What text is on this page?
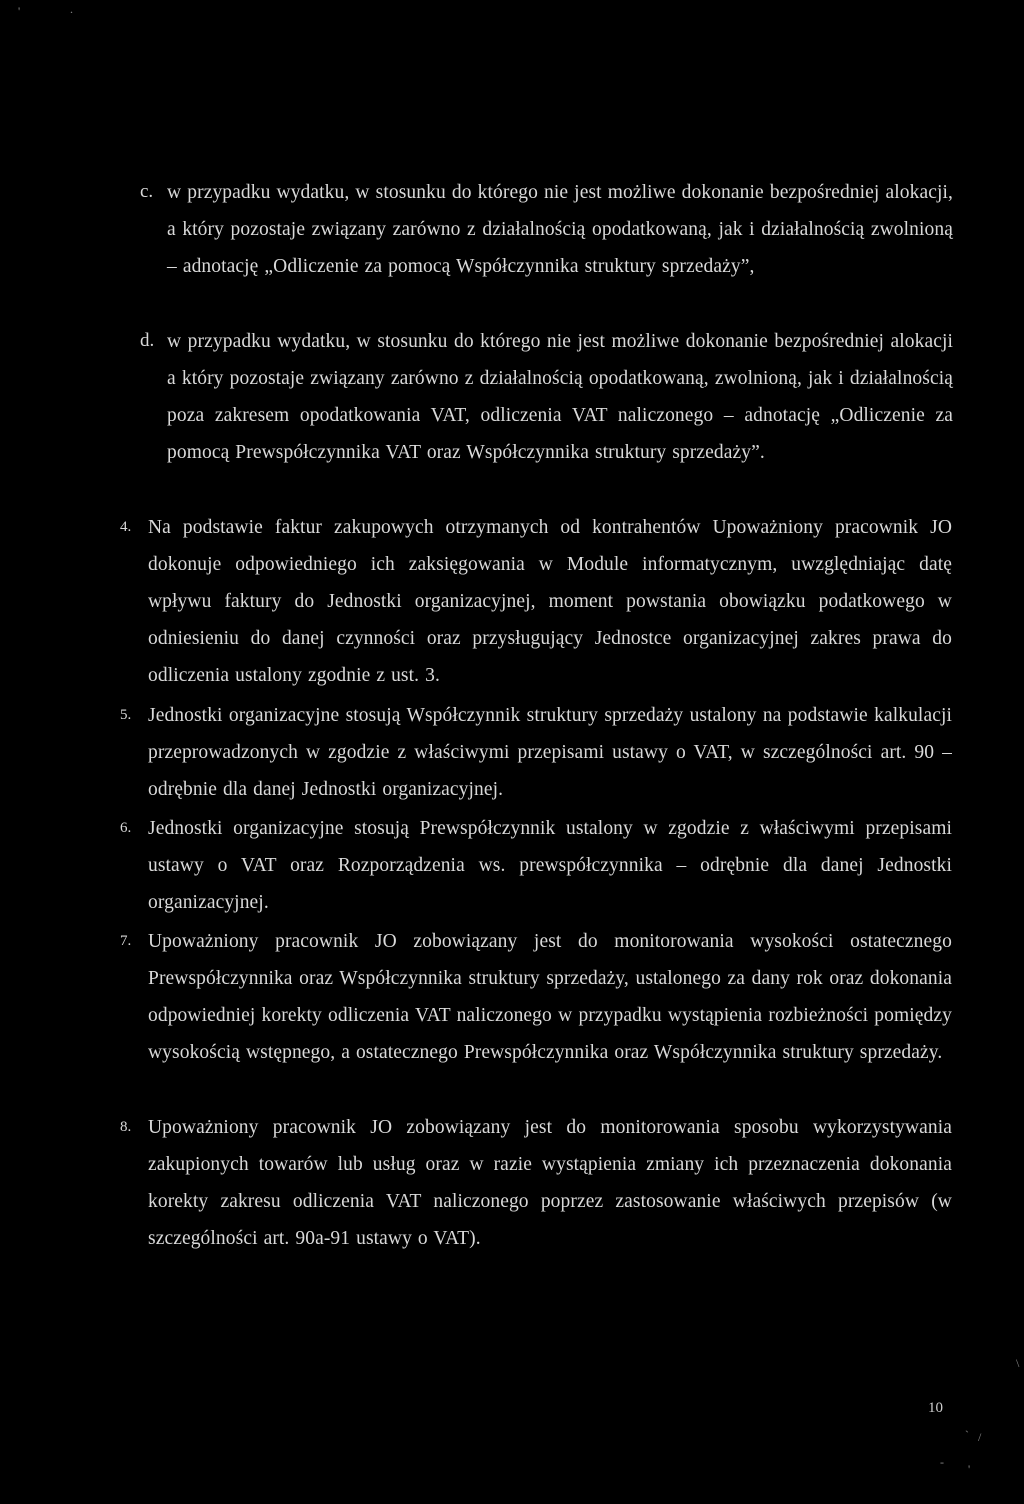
c. w przypadku wydatku, w stosunku do którego nie jest możliwe dokonanie bezpośredniej alokacji, a który pozostaje związany zarówno z działalnością opodatkowaną, jak i działalnością zwolnioną – adnotację „Odliczenie za pomocą Współczynnika struktury sprzedaży”,
d. w przypadku wydatku, w stosunku do którego nie jest możliwe dokonanie bezpośredniej alokacji a który pozostaje związany zarówno z działalnością opodatkowaną, zwolnioną, jak i działalnością poza zakresem opodatkowania VAT, odliczenia VAT naliczonego – adnotację „Odliczenie za pomocą Prewspółczynnika VAT oraz Współczynnika struktury sprzedaży”.
4. Na podstawie faktur zakupowych otrzymanych od kontrahentów Upoważniony pracownik JO dokonuje odpowiedniego ich zaksięgowania w Module informatycznym, uwzględniając datę wpływu faktury do Jednostki organizacyjnej, moment powstania obowiązku podatkowego w odniesieniu do danej czynności oraz przysługujący Jednostce organizacyjnej zakres prawa do odliczenia ustalony zgodnie z ust. 3.
5. Jednostki organizacyjne stosują Współczynnik struktury sprzedaży ustalony na podstawie kalkulacji przeprowadzonych w zgodzie z właściwymi przepisami ustawy o VAT, w szczególności art. 90 – odrębnie dla danej Jednostki organizacyjnej.
6. Jednostki organizacyjne stosują Prewspółczynnik ustalony w zgodzie z właściwymi przepisami ustawy o VAT oraz Rozporządzenia ws. prewspółczynnika – odrębnie dla danej Jednostki organizacyjnej.
7. Upoważniony pracownik JO zobowiązany jest do monitorowania wysokości ostatecznego Prewspółczynnika oraz Współczynnika struktury sprzedaży, ustalonego za dany rok oraz dokonania odpowiedniej korekty odliczenia VAT naliczonego w przypadku wystąpienia rozbieżności pomiędzy wysokością wstępnego, a ostatecznego Prewspółczynnika oraz Współczynnika struktury sprzedaży.
8. Upoważniony pracownik JO zobowiązany jest do monitorowania sposobu wykorzystywania zakupionych towarów lub usług oraz w razie wystąpienia zmiany ich przeznaczenia dokonania korekty zakresu odliczenia VAT naliczonego poprzez zastosowanie właściwych przepisów (w szczególności art. 90a-91 ustawy o VAT).
10
'	.
\
` /
- '
